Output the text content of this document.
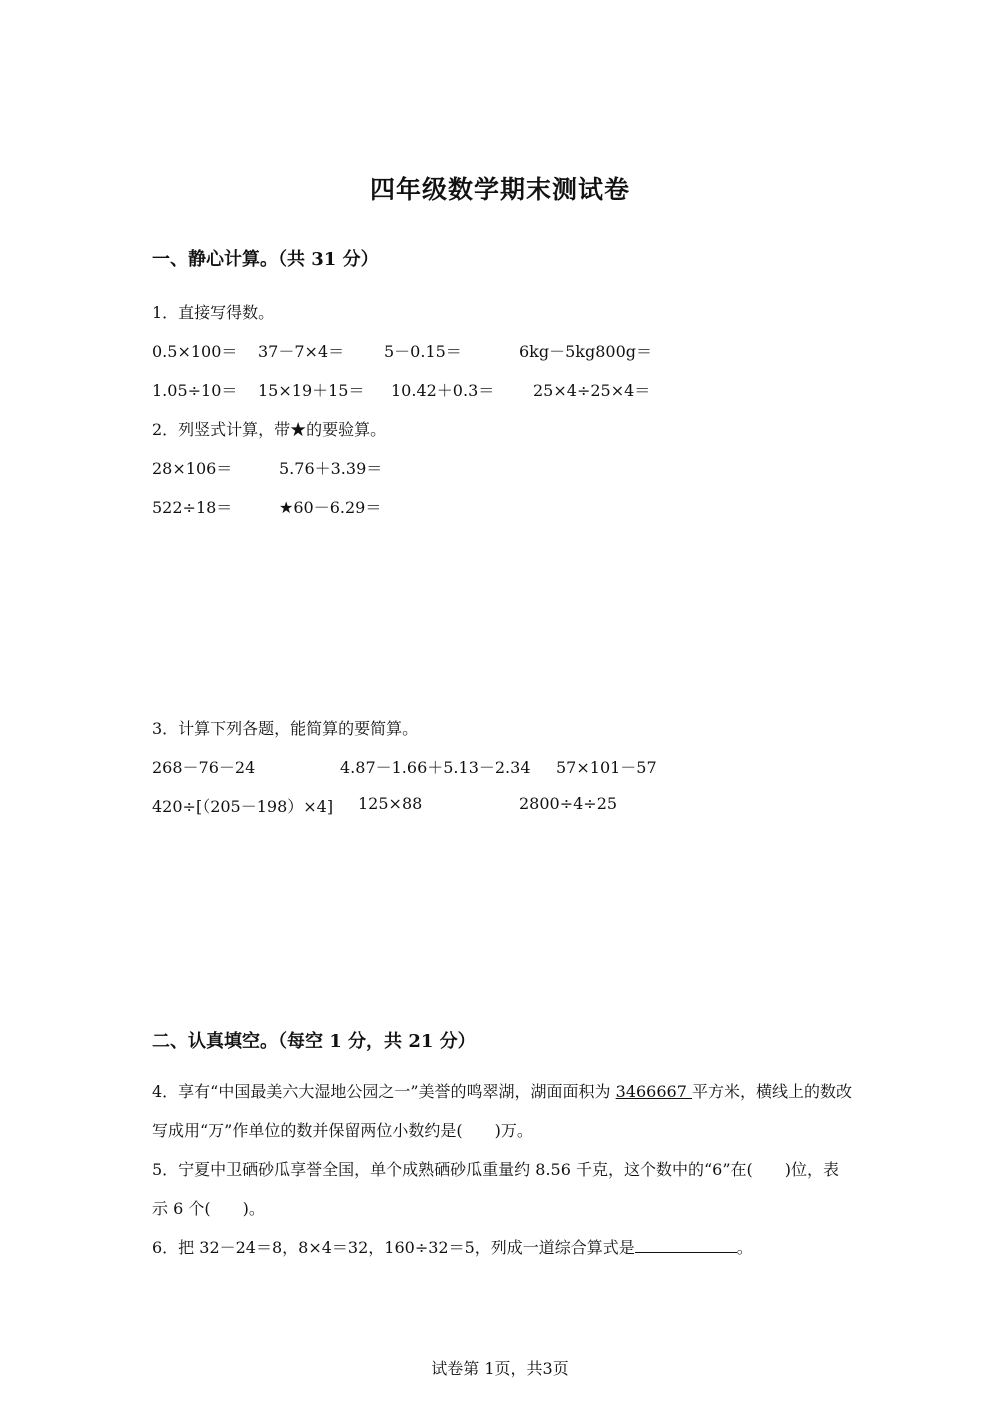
四年级数学期末测试卷
一、静心计算。（共 31 分）
1．直接写得数。
0.5×100＝ 37－7×4＝ 5－0.15＝	6kg－5kg800g＝
1.05÷10＝ 15×19＋15＝ 10.42＋0.3＝ 25×4÷25×4＝
2．列竖式计算，带★的要验算。
28×106＝	5.76＋3.39＝
522÷18＝	★60－6.29＝
3．计算下列各题，能简算的要简算。
268－76－24	4.87－1.66＋5.13－2.34 57×101－57
420÷[（205－198）×4] 125×88	2800÷4÷25
二、认真填空。（每空 1 分，共 21 分）
4．享有“中国最美六大湿地公园之一”美誉的鸣翠湖，湖面面积为 3466667 平方米，横线上的数改写成用“万”作单位的数并保留两位小数约是(　　)万。
5．宁夏中卫硒砂瓜享誉全国，单个成熟硒砂瓜重量约 8.56 千克，这个数中的“6”在(　　)位，表示 6 个(　　)。
6．把 32－24＝8，8×4＝32，160÷32＝5，列成一道综合算式是	。
试卷第 1页，共3页
